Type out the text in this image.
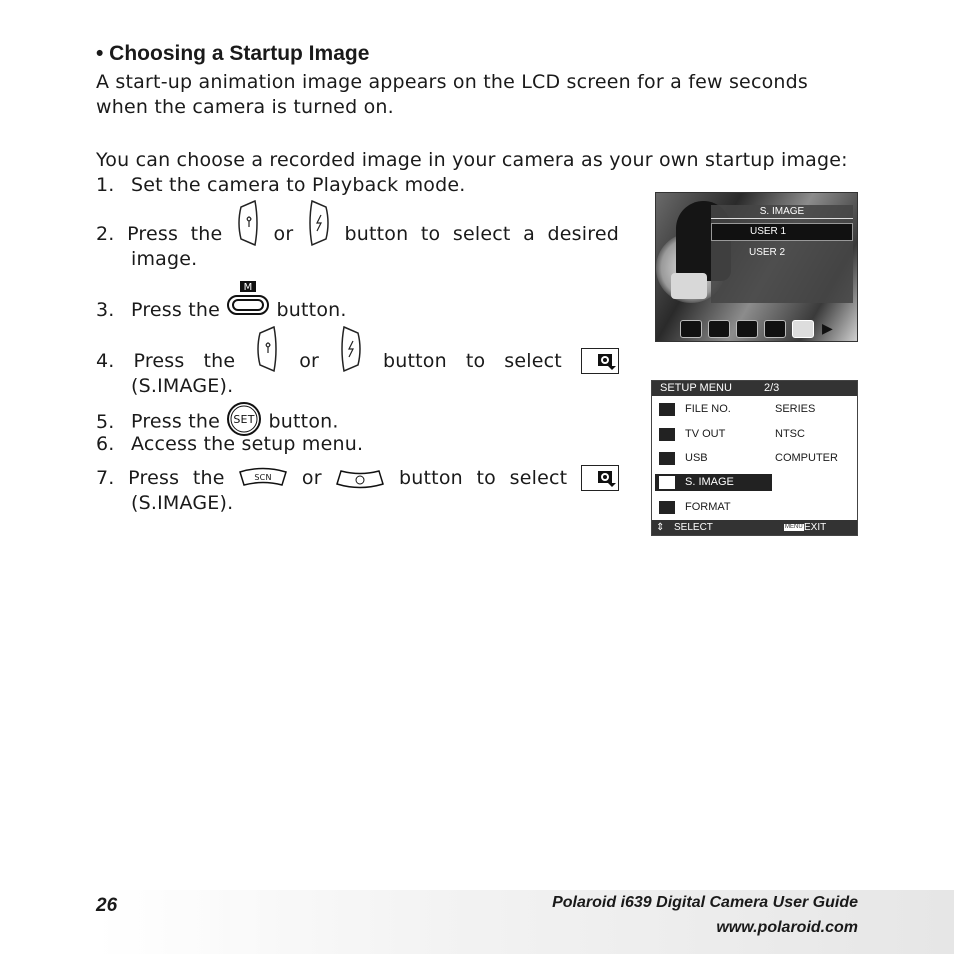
• Choosing a Startup Image
A start-up animation image appears on the LCD screen for a few seconds
when the camera is turned on.
You can choose a recorded image in your camera as your own startup image:
1. Set the camera to Playback mode.
2. Press the	or	button to select a desired
image.
3. Press the
M
button.
4. Press the	or	button to select
(S.IMAGE).
5. Press the SET button.
6. Access the setup menu.
7. Press the	SCN or	button to select
(S.IMAGE).
S. IMAGE
USER 1
USER 2
▶
SETUP MENU	2/3
FILE NO.	SERIES
TV OUT	NTSC
USB	COMPUTER
S. IMAGE
FORMAT
⇕ SELECT	MENU EXIT
26	Polaroid i639 Digital Camera User Guide
www.polaroid.com
